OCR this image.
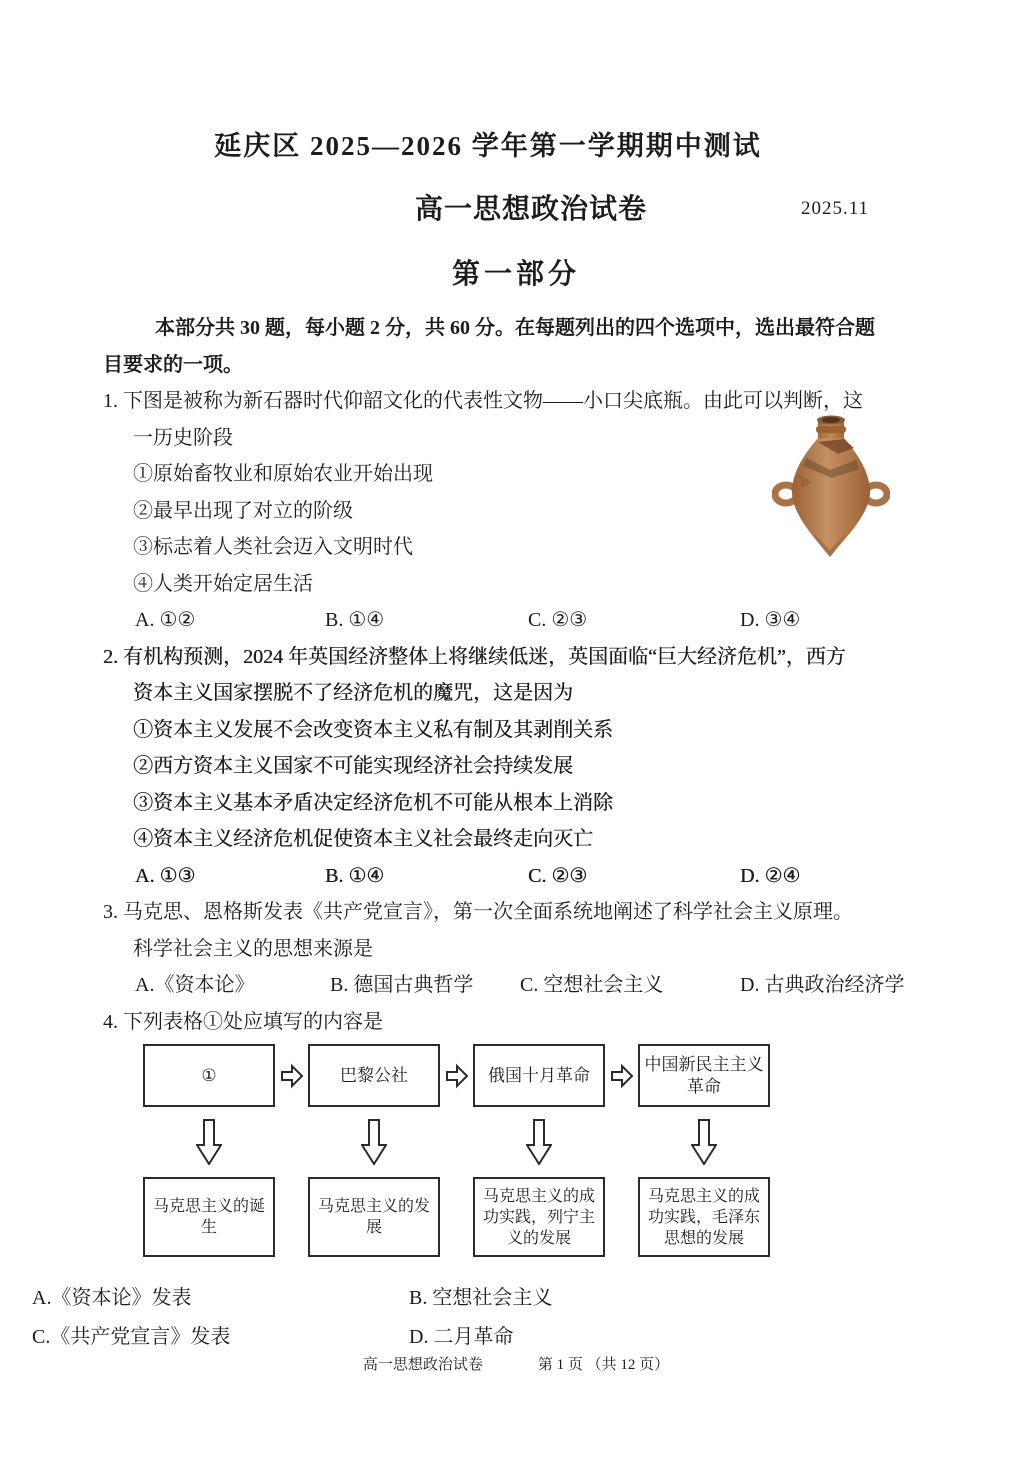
延庆区 2025—2026 学年第一学期期中测试
高一思想政治试卷	2025.11
第一部分
本部分共 30 题，每小题 2 分，共 60 分。在每题列出的四个选项中，选出最符合题
目要求的一项。
1. 下图是被称为新石器时代仰韶文化的代表性文物——小口尖底瓶。由此可以判断，这
一历史阶段
①原始畜牧业和原始农业开始出现
②最早出现了对立的阶级
③标志着人类社会迈入文明时代
④人类开始定居生活
A. ①②	B. ①④	C. ②③	D. ③④
2. 有机构预测，2024 年英国经济整体上将继续低迷，英国面临“巨大经济危机”，西方
资本主义国家摆脱不了经济危机的魔咒，这是因为
①资本主义发展不会改变资本主义私有制及其剥削关系
②西方资本主义国家不可能实现经济社会持续发展
③资本主义基本矛盾决定经济危机不可能从根本上消除
④资本主义经济危机促使资本主义社会最终走向灭亡
A. ①③	B. ①④	C. ②③	D. ②④
3. 马克思、恩格斯发表《共产党宣言》，第一次全面系统地阐述了科学社会主义原理。
科学社会主义的思想来源是
A.《资本论》	B. 德国古典哲学 C. 空想社会主义	D. 古典政治经济学
4. 下列表格①处应填写的内容是
①	巴黎公社	俄国十月革命
中国新民主主义革命
马克思主义的诞生
马克思主义的发展
马克思主义的成功实践，列宁主义的发展
马克思主义的成功实践，毛泽东思想的发展
A.《资本论》发表	B. 空想社会主义
C.《共产党宣言》发表	D. 二月革命
高一思想政治试卷	第 1 页 （共 12 页）
